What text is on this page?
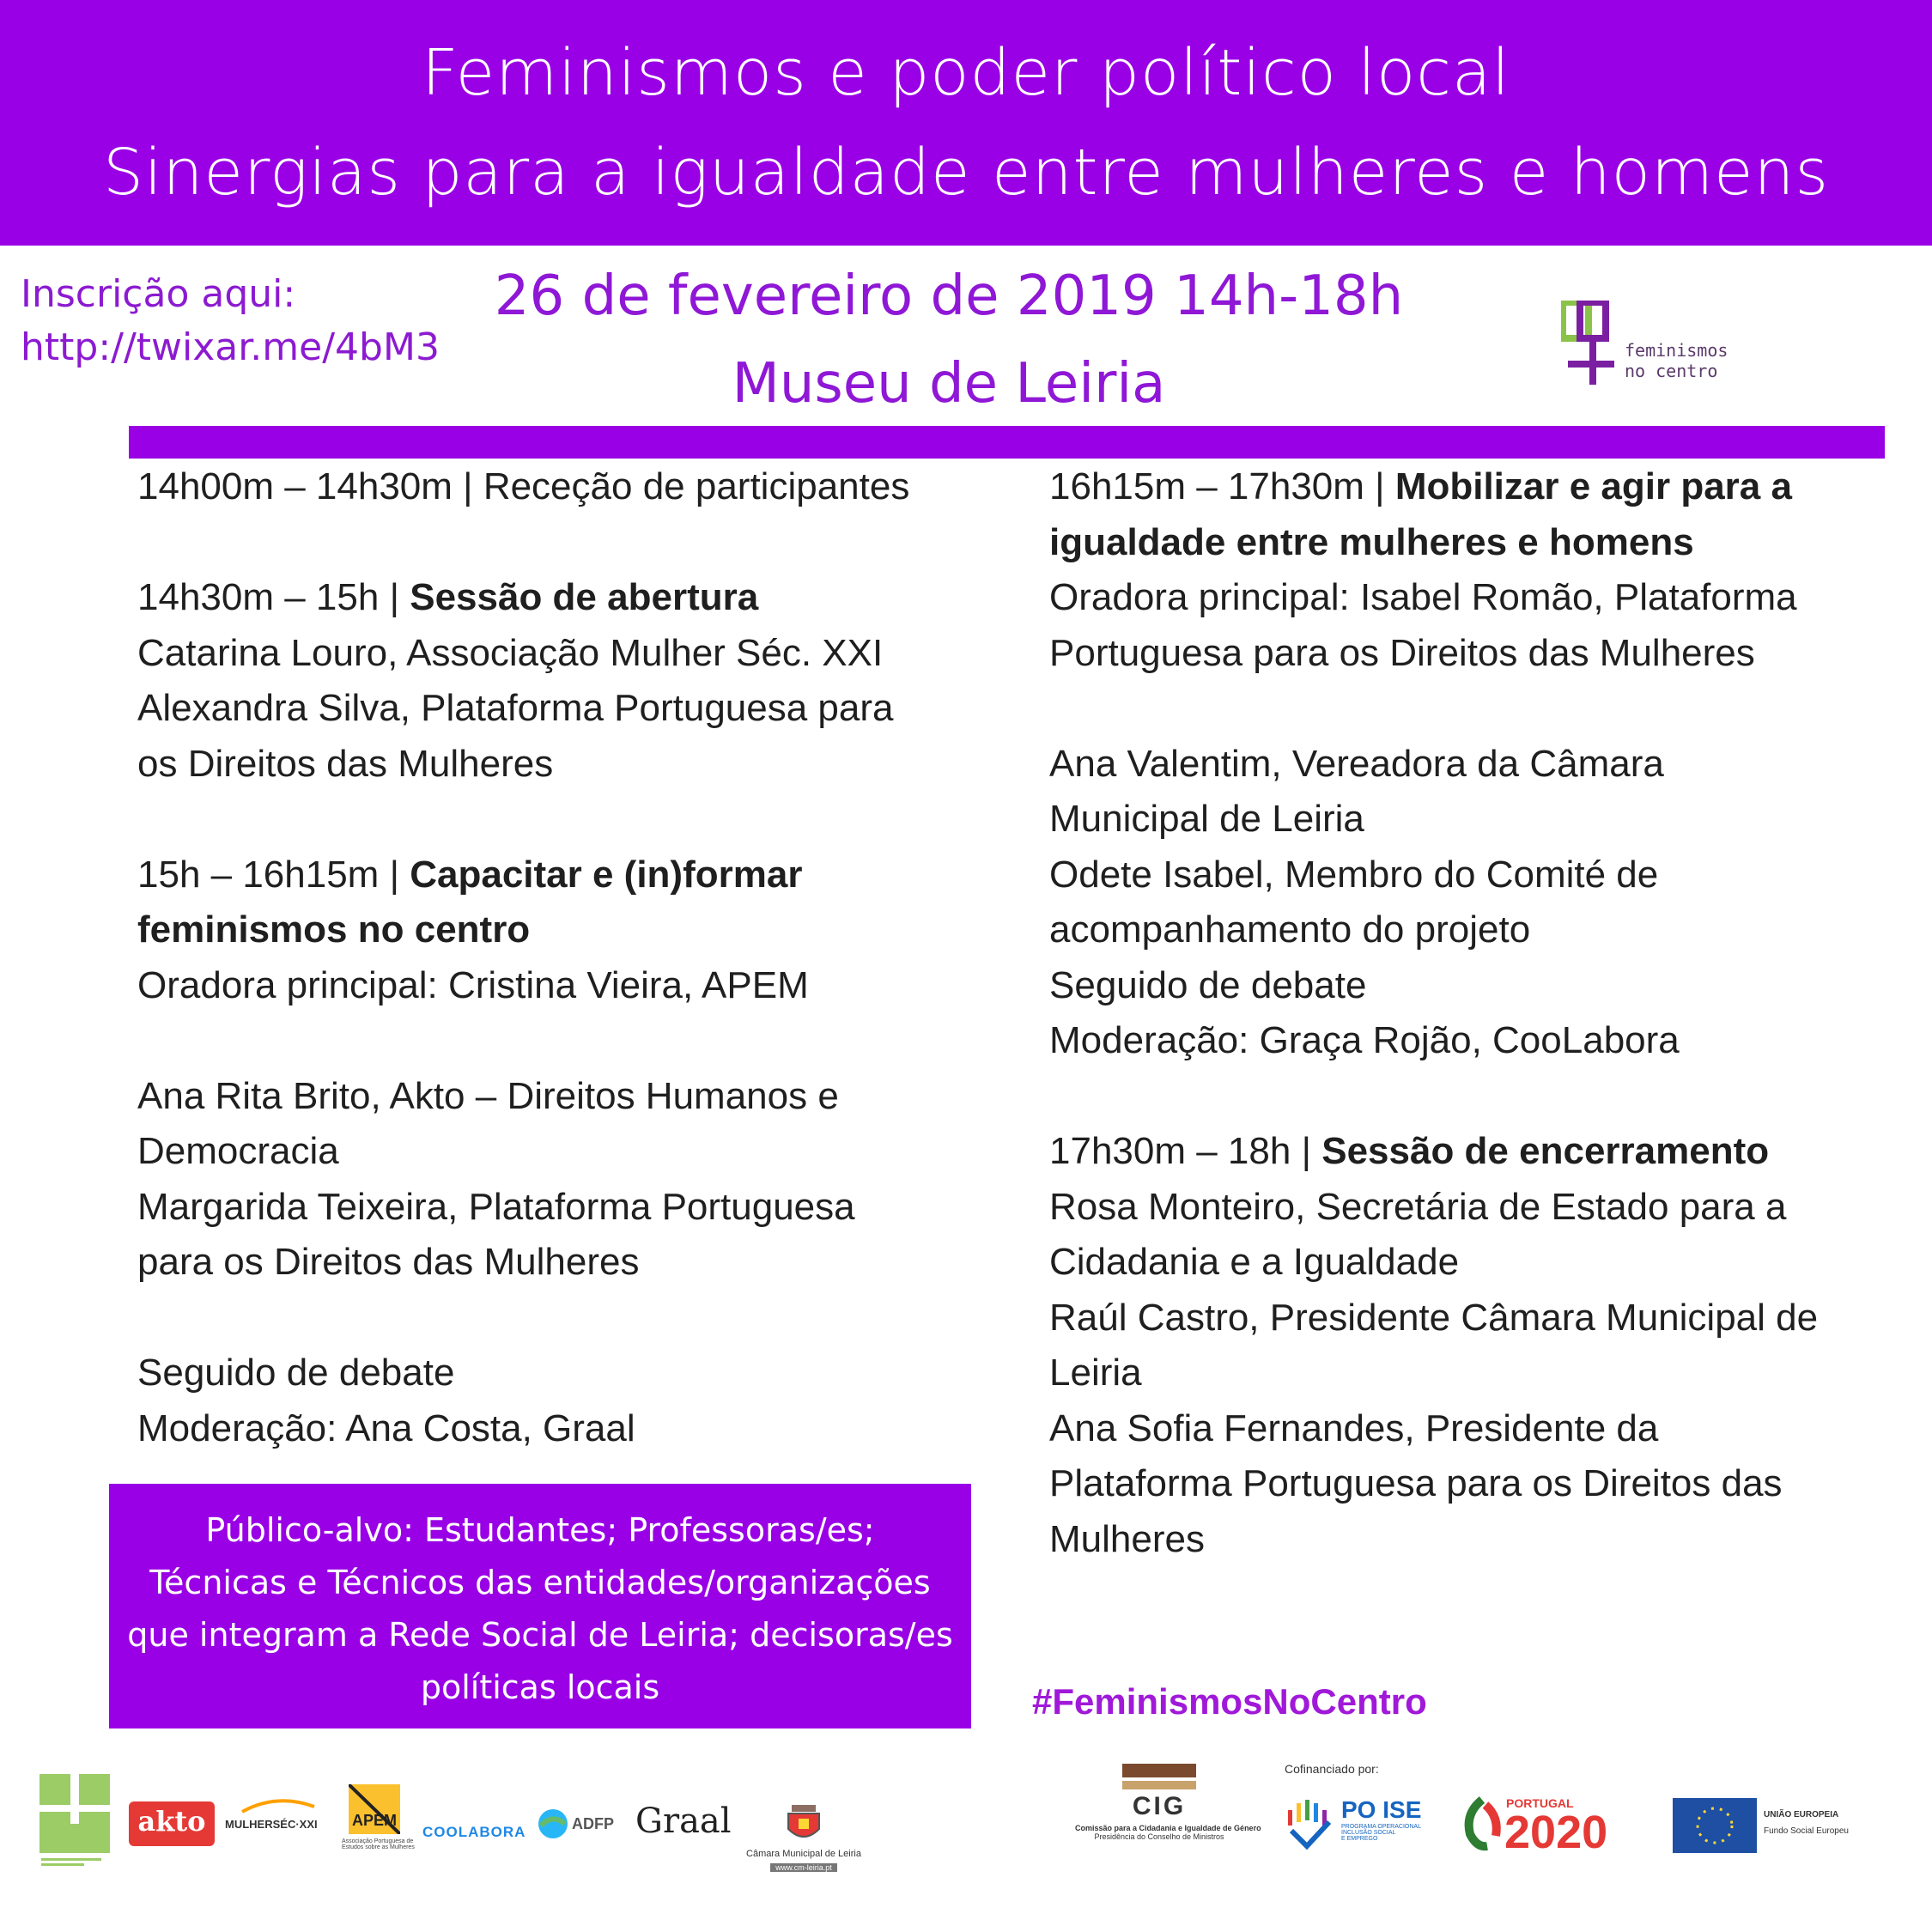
Feminismos e poder político local
Sinergias para a igualdade entre mulheres e homens
Inscrição aqui:
http://twixar.me/4bM3
26 de fevereiro de 2019 14h-18h
Museu de Leiria
feminismos
no centro

14h00m – 14h30m | Receção de participantes

14h30m – 15h | Sessão de abertura

Catarina Louro, Associação Mulher Séc. XXI

Alexandra Silva, Plataforma Portuguesa para

os Direitos das Mulheres

15h – 16h15m | Capacitar e (in)formar

feminismos no centro

Oradora principal: Cristina Vieira, APEM

Ana Rita Brito, Akto – Direitos Humanos e

Democracia

Margarida Teixeira, Plataforma Portuguesa

para os Direitos das Mulheres

Seguido de debate

Moderação: Ana Costa, Graal

16h15m – 17h30m | Mobilizar e agir para a

igualdade entre mulheres e homens

Oradora principal: Isabel Romão, Plataforma

Portuguesa para os Direitos das Mulheres

Ana Valentim, Vereadora da Câmara

Municipal de Leiria

Odete Isabel, Membro do Comité de

acompanhamento do projeto

Seguido de debate

Moderação: Graça Rojão, CooLabora

17h30m – 18h | Sessão de encerramento

Rosa Monteiro, Secretária de Estado para a

Cidadania e a Igualdade

Raúl Castro, Presidente Câmara Municipal de

Leiria

Ana Sofia Fernandes, Presidente da

Plataforma Portuguesa para os Direitos das

Mulheres

Público-alvo: Estudantes; Professoras/es;
Técnicas e Técnicos das entidades/organizações
que integram a Rede Social de Leiria; decisoras/es
políticas locais	#FeminismosNoCentro
akto	MULHERSÉC·XXI APEM
Associação Portuguesa de
Estudos sobre as Mulheres
COOLABORA	ADFP Graal
Câmara Municipal de Leiria
www.cm-leiria.pt
CIG
Comissão para a Cidadania e Igualdade de Género
Presidência do Conselho de Ministros
Cofinanciado por:
PO ISE
PROGRAMA OPERACIONAL
INCLUSÃO SOCIAL
E EMPREGO
PORTUGAL
2020	UNIÃO EUROPEIA
Fundo Social Europeu
